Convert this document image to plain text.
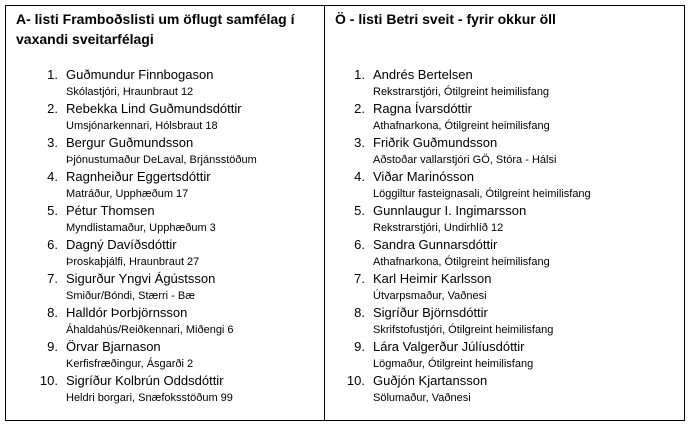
A- listi Framboðslisti um öflugt samfélag í vaxandi sveitarfélagi
1. Guðmundur Finnbogason
Skólastjóri, Hraunbraut 12
2. Rebekka Lind Guðmundsdóttir
Umsjónarkennari, Hólsbraut 18
3. Bergur Guðmundsson
Þjónustumaður DeLaval, Brjánsstöðum
4. Ragnheiður Eggertsdóttir
Matráður, Upphæðum 17
5. Pétur Thomsen
Myndlistamaður, Upphæðum 3
6. Dagný Davíðsdóttir
Þroskaþjálfi, Hraunbraut 27
7. Sigurður Yngvi Ágústsson
Smiður/Bóndi, Stærri - Bæ
8. Halldór Þorbjörnsson
Áhaldahús/Reiðkennari, Miðengi 6
9. Örvar Bjarnason
Kerfisfræðingur, Ásgarði 2
10. Sigríður Kolbrún Oddsdóttir
Heldri borgari, Snæfoksstöðum 99
Ö - listi Betri sveit - fyrir okkur öll
1. Andrés Bertelsen
Rekstrarstjóri, Ótilgreint heimilisfang
2. Ragna Ívarsdóttir
Athafnarkona, Ótilgreint heimilisfang
3. Friðrik Guðmundsson
Aðstoðar vallarstjóri GÖ, Stóra - Hálsi
4. Viðar Marinósson
Löggiltur fasteignasali, Ótilgreint heimilisfang
5. Gunnlaugur I. Ingimarsson
Rekstrarstjóri, Undirhlíð 12
6. Sandra Gunnarsdóttir
Athafnarkona, Ótilgreint heimilisfang
7. Karl Heimir Karlsson
Útvarpsmaður, Vaðnesi
8. Sigríður Björnsdóttir
Skrifstofustjóri, Ótilgreint heimilisfang
9. Lára Valgerður Júlíusdóttir
Lögmaður, Ótilgreint heimilisfang
10. Guðjón Kjartansson
Sölumaður, Vaðnesi
